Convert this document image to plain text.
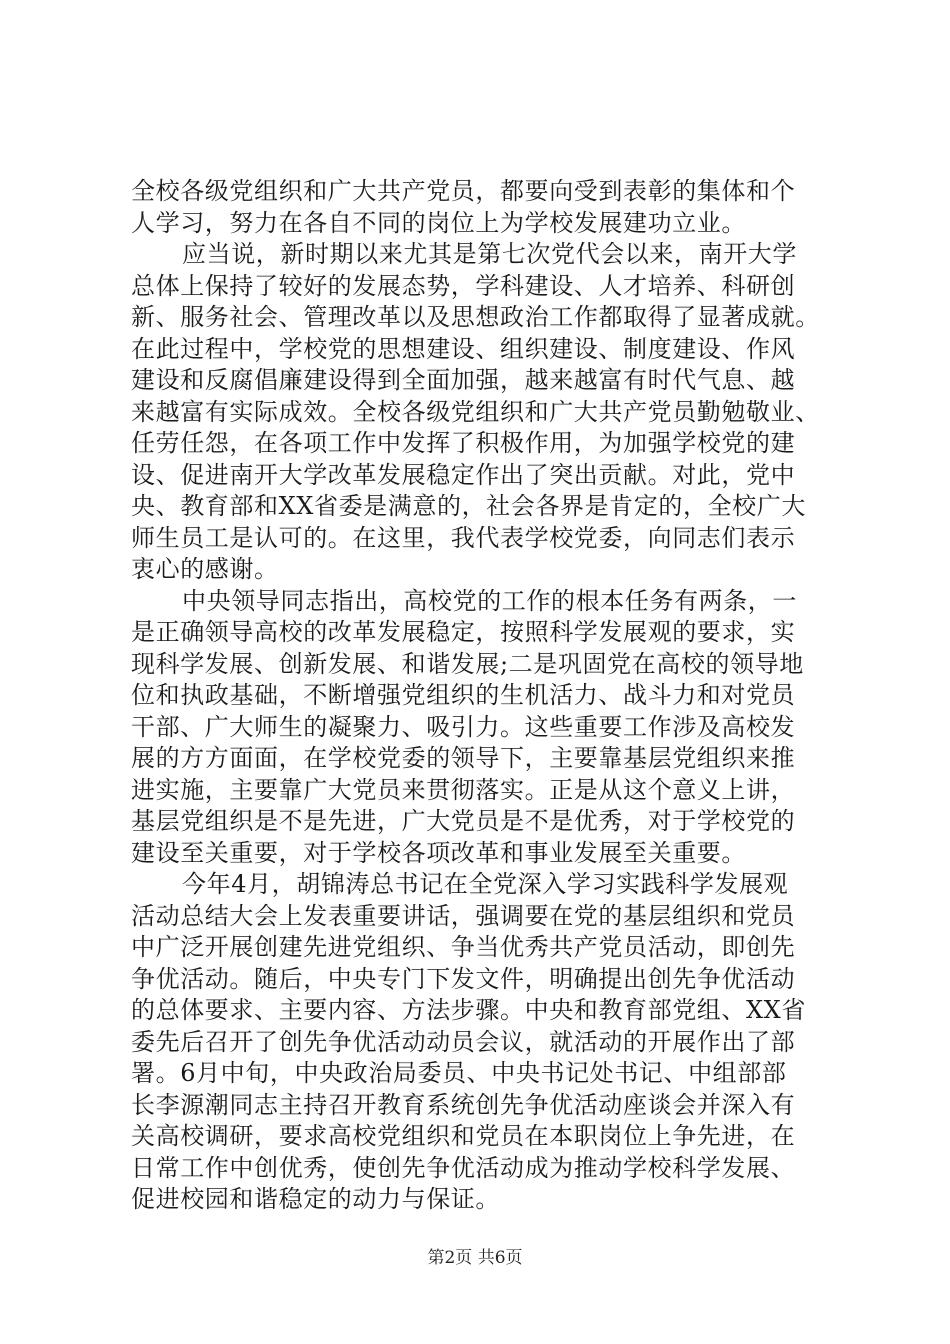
全校各级党组织和广大共产党员，都要向受到表彰的集体和个
人学习，努力在各自不同的岗位上为学校发展建功立业。

应当说，新时期以来尤其是第七次党代会以来，南开大学
总体上保持了较好的发展态势，学科建设、人才培养、科研创
新、服务社会、管理改革以及思想政治工作都取得了显著成就。
在此过程中，学校党的思想建设、组织建设、制度建设、作风
建设和反腐倡廉建设得到全面加强，越来越富有时代气息、越
来越富有实际成效。全校各级党组织和广大共产党员勤勉敬业、
任劳任怨，在各项工作中发挥了积极作用，为加强学校党的建
设、促进南开大学改革发展稳定作出了突出贡献。对此，党中
央、教育部和XX省委是满意的，社会各界是肯定的，全校广大
师生员工是认可的。在这里，我代表学校党委，向同志们表示
衷心的感谢。

中央领导同志指出，高校党的工作的根本任务有两条，一
是正确领导高校的改革发展稳定，按照科学发展观的要求，实
现科学发展、创新发展、和谐发展;二是巩固党在高校的领导地
位和执政基础，不断增强党组织的生机活力、战斗力和对党员
干部、广大师生的凝聚力、吸引力。这些重要工作涉及高校发
展的方方面面，在学校党委的领导下，主要靠基层党组织来推
进实施，主要靠广大党员来贯彻落实。正是从这个意义上讲，
基层党组织是不是先进，广大党员是不是优秀，对于学校党的
建设至关重要，对于学校各项改革和事业发展至关重要。

今年4月，胡锦涛总书记在全党深入学习实践科学发展观
活动总结大会上发表重要讲话，强调要在党的基层组织和党员
中广泛开展创建先进党组织、争当优秀共产党员活动，即创先
争优活动。随后，中央专门下发文件，明确提出创先争优活动
的总体要求、主要内容、方法步骤。中央和教育部党组、XX省
委先后召开了创先争优活动动员会议，就活动的开展作出了部
署。6月中旬，中央政治局委员、中央书记处书记、中组部部
长李源潮同志主持召开教育系统创先争优活动座谈会并深入有
关高校调研，要求高校党组织和党员在本职岗位上争先进，在
日常工作中创优秀，使创先争优活动成为推动学校科学发展、
促进校园和谐稳定的动力与保证。

第2页 共6页
